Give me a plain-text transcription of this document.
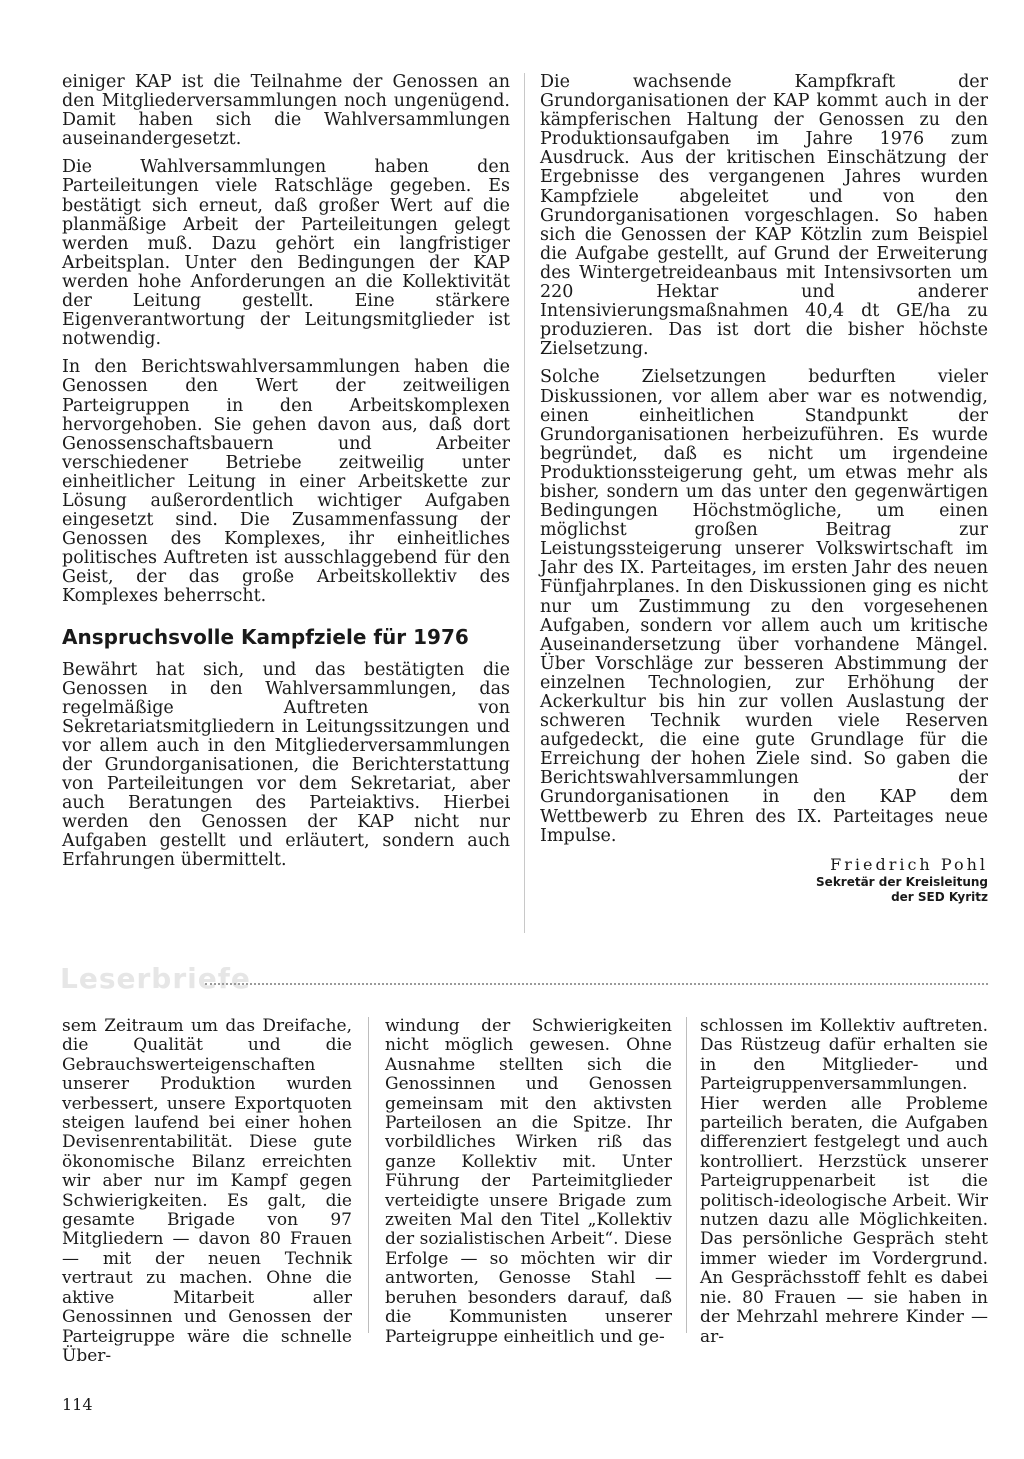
einiger KAP ist die Teilnahme der Genossen an den Mitgliederversammlungen noch ungenügend. Damit haben sich die Wahlversammlungen auseinandergesetzt.

Die Wahlversammlungen haben den Parteileitungen viele Ratschläge gegeben. Es bestätigt sich erneut, daß großer Wert auf die planmäßige Arbeit der Parteileitungen gelegt werden muß. Dazu gehört ein langfristiger Arbeitsplan. Unter den Bedingungen der KAP werden hohe Anforderungen an die Kollektivität der Leitung gestellt. Eine stärkere Eigenverantwortung der Leitungsmitglieder ist notwendig.

In den Berichtswahlversammlungen haben die Genossen den Wert der zeitweiligen Parteigruppen in den Arbeitskomplexen hervorgehoben. Sie gehen davon aus, daß dort Genossenschaftsbauern und Arbeiter verschiedener Betriebe zeitweilig unter einheitlicher Leitung in einer Arbeitskette zur Lösung außerordentlich wichtiger Aufgaben eingesetzt sind. Die Zusammenfassung der Genossen des Komplexes, ihr einheitliches politisches Auftreten ist ausschlaggebend für den Geist, der das große Arbeitskollektiv des Komplexes beherrscht.

Anspruchsvolle Kampfziele für 1976

Bewährt hat sich, und das bestätigten die Genossen in den Wahlversammlungen, das regelmäßige Auftreten von Sekretariatsmitgliedern in Leitungssitzungen und vor allem auch in den Mitgliederversammlungen der Grundorganisationen, die Berichterstattung von Parteileitungen vor dem Sekretariat, aber auch Beratungen des Parteiaktivs. Hierbei werden den Genossen der KAP nicht nur Aufgaben gestellt und erläutert, sondern auch Erfahrungen übermittelt.

Die wachsende Kampfkraft der Grundorganisationen der KAP kommt auch in der kämpferischen Haltung der Genossen zu den Produktionsaufgaben im Jahre 1976 zum Ausdruck. Aus der kritischen Einschätzung der Ergebnisse des vergangenen Jahres wurden Kampfziele abgeleitet und von den Grundorganisationen vorgeschlagen. So haben sich die Genossen der KAP Kötzlin zum Beispiel die Aufgabe gestellt, auf Grund der Erweiterung des Wintergetreideanbaus mit Intensivsorten um 220 Hektar und anderer Intensivierungsmaßnahmen 40,4 dt GE/ha zu produzieren. Das ist dort die bisher höchste Zielsetzung.

Solche Zielsetzungen bedurften vieler Diskussionen, vor allem aber war es notwendig, einen einheitlichen Standpunkt der Grundorganisationen herbeizuführen. Es wurde begründet, daß es nicht um irgendeine Produktionssteigerung geht, um etwas mehr als bisher, sondern um das unter den gegenwärtigen Bedingungen Höchstmögliche, um einen möglichst großen Beitrag zur Leistungssteigerung unserer Volkswirtschaft im Jahr des IX. Parteitages, im ersten Jahr des neuen Fünfjahrplanes. In den Diskussionen ging es nicht nur um Zustimmung zu den vorgesehenen Aufgaben, sondern vor allem auch um kritische Auseinandersetzung über vorhandene Mängel. Über Vorschläge zur besseren Abstimmung der einzelnen Technologien, zur Erhöhung der Ackerkultur bis hin zur vollen Auslastung der schweren Technik wurden viele Reserven aufgedeckt, die eine gute Grundlage für die Erreichung der hohen Ziele sind. So gaben die Berichtswahlversammlungen der Grundorganisationen in den KAP dem Wettbewerb zu Ehren des IX. Parteitages neue Impulse.

Friedrich Pohl
Sekretär der Kreisleitung
der SED Kyritz
Leserbriefe

sem Zeitraum um das Dreifache, die Qualität und die Gebrauchswerteigenschaften unserer Produktion wurden verbessert, unsere Exportquoten steigen laufend bei einer hohen Devisenrentabilität. Diese gute ökonomische Bilanz erreichten wir aber nur im Kampf gegen Schwierigkeiten. Es galt, die gesamte Brigade von 97 Mitgliedern — davon 80 Frauen — mit der neuen Technik vertraut zu machen. Ohne die aktive Mitarbeit aller Genossinnen und Genossen der Parteigruppe wäre die schnelle Über-

windung der Schwierigkeiten nicht möglich gewesen. Ohne Ausnahme stellten sich die Genossinnen und Genossen gemeinsam mit den aktivsten Parteilosen an die Spitze. Ihr vorbildliches Wirken riß das ganze Kollektiv mit. Unter Führung der Parteimitglieder verteidigte unsere Brigade zum zweiten Mal den Titel „Kollektiv der sozialistischen Arbeit“. Diese Erfolge — so möchten wir dir antworten, Genosse Stahl — beruhen besonders darauf, daß die Kommunisten unserer Parteigruppe einheitlich und ge-

schlossen im Kollektiv auftreten. Das Rüstzeug dafür erhalten sie in den Mitglieder- und Parteigruppenversammlungen. Hier werden alle Probleme parteilich beraten, die Aufgaben differenziert festgelegt und auch kontrolliert. Herzstück unserer Parteigruppenarbeit ist die politisch-ideologische Arbeit. Wir nutzen dazu alle Möglichkeiten. Das persönliche Gespräch steht immer wieder im Vordergrund. An Gesprächsstoff fehlt es dabei nie. 80 Frauen — sie haben in der Mehrzahl mehrere Kinder — ar-

114
